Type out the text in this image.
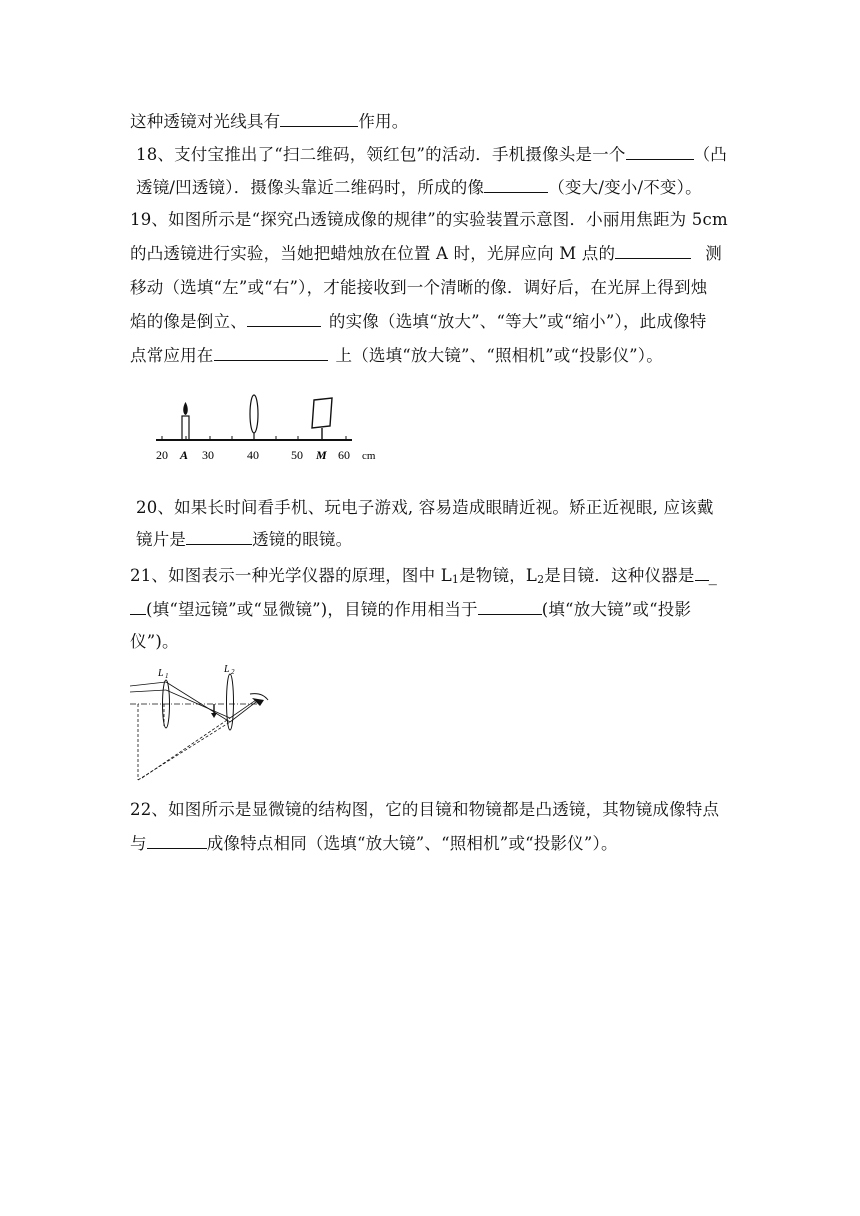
这种透镜对光线具有	作用。
18、支付宝推出了“扫二维码，领红包”的活动．手机摄像头是一个	（凸
透镜/凹透镜）．摄像头靠近二维码时，所成的像	（变大/变小/不变）。
19、如图所示是“探究凸透镜成像的规律”的实验装置示意图．小丽用焦距为 5cm
的凸透镜进行实验，当她把蜡烛放在位置 A 时，光屏应向 M 点的	测
移动（选填“左”或“右”），才能接收到一个清晰的像．调好后，在光屏上得到烛
焰的像是倒立、	的实像（选填“放大”、“等大”或“缩小”），此成像特
点常应用在	上（选填“放大镜”、“照相机”或“投影仪”）。
20 A 30	40	50 M 60 cm
20、如果长时间看手机、玩电子游戏, 容易造成眼睛近视。矫正近视眼, 应该戴
镜片是	透镜的眼镜。
21、如图表示一种光学仪器的原理，图中 $L_1$是物镜，$L_2$是目镜．这种仪器是 _
(填“望远镜”或“显微镜”)，目镜的作用相当于	(填“放大镜”或“投影
仪”)。
L 1
L 2
22、如图所示是显微镜的结构图，它的目镜和物镜都是凸透镜，其物镜成像特点
与	成像特点相同（选填“放大镜”、“照相机”或“投影仪”）。
